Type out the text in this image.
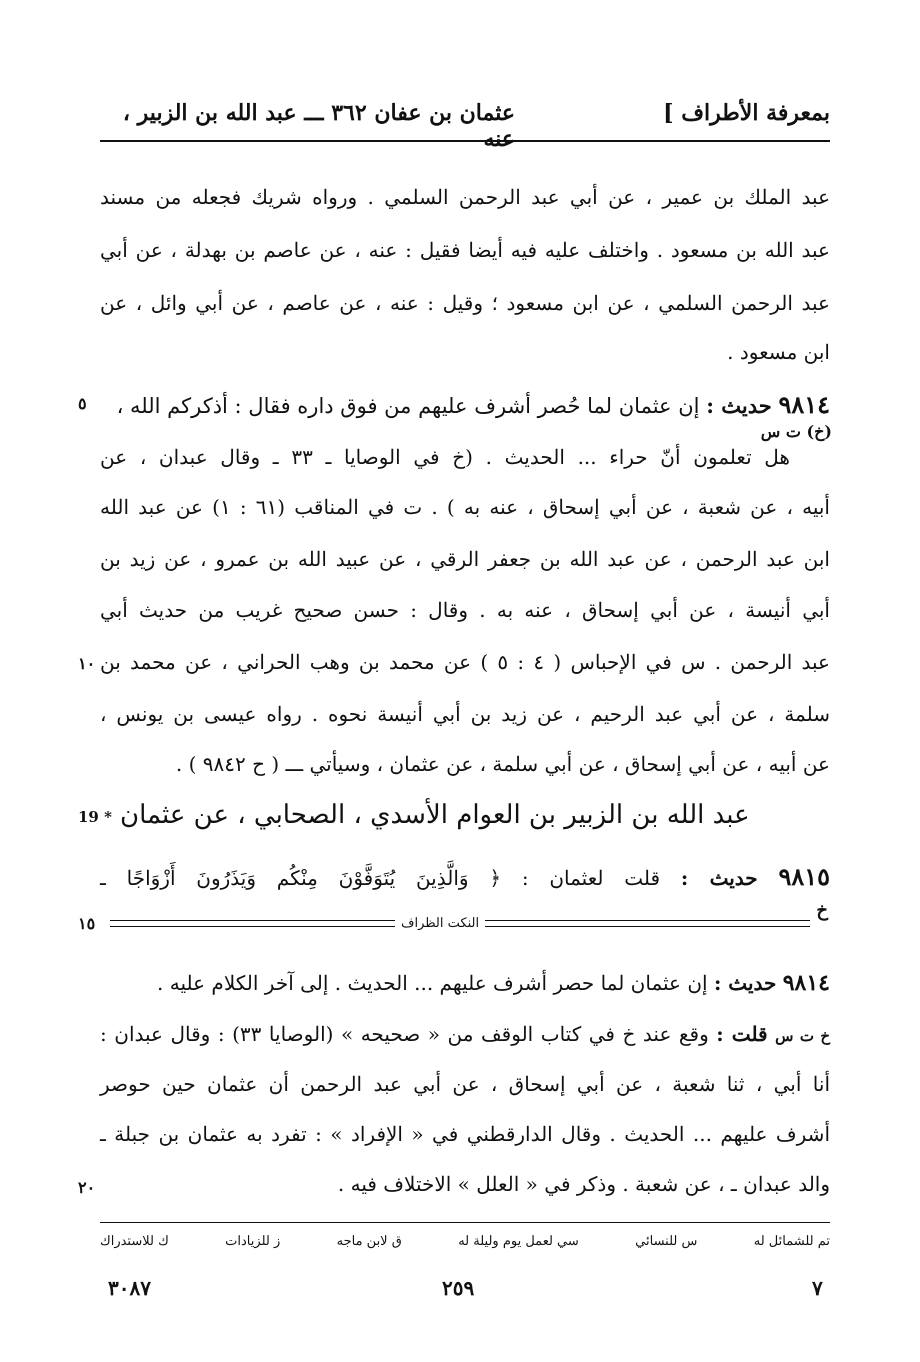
بمعرفة الأطراف ]
عثمان بن عفان ٣٦٢ ـــ عبد الله بن الزبير ، عنه
عبد الملك بن عمير ، عن أبي عبد الرحمن السلمي . ورواه شريك فجعله من مسند
عبد الله بن مسعود . واختلف عليه فيه أيضا فقيل : عنه ، عن عاصم بن بهدلة ، عن أبي
عبد الرحمن السلمي ، عن ابن مسعود ؛ وقيل : عنه ، عن عاصم ، عن أبي وائل ، عن
ابن مسعود .
٩٨١٤ حديث : إن عثمان لما حُصر أشرف عليهم من فوق داره فقال : أذكركم الله ،
٥
(خ) ت س
هل تعلمون أنّ حراء ... الحديث . (خ في الوصايا ـ ٣٣ ـ وقال عبدان ، عن
أبيه ، عن شعبة ، عن أبي إسحاق ، عنه به ) . ت في المناقب (٦١ : ١) عن عبد الله
ابن عبد الرحمن ، عن عبد الله بن جعفر الرقي ، عن عبيد الله بن عمرو ، عن زيد بن
أبي أنيسة ، عن أبي إسحاق ، عنه به . وقال : حسن صحيح غريب من حديث أبي
عبد الرحمن . س في الإحباس ( ٤ : ٥ ) عن محمد بن وهب الحراني ، عن محمد بن
١٠
سلمة ، عن أبي عبد الرحيم ، عن زيد بن أبي أنيسة نحوه . رواه عيسى بن يونس ،
عن أبيه ، عن أبي إسحاق ، عن أبي سلمة ، عن عثمان ، وسيأتي ـــ ( ح ٩٨٤٢ ) .
19 * عبد الله بن الزبير بن العوام الأسدي ، الصحابي ، عن عثمان
٩٨١٥ حديث : قلت لعثمان : ﴿ وَالَّذِينَ يُتَوَفَّوْنَ مِنْكُم وَيَذَرُونَ أَزْوَاجًا ـ
خ
النكت الظراف
١٥
٩٨١٤ حديث : إن عثمان لما حصر أشرف عليهم ... الحديث . إلى آخر الكلام عليه .
خ ت س قلت : وقع عند خ في كتاب الوقف من « صحيحه » (الوصايا ٣٣) : وقال عبدان :
أنا أبي ، ثنا شعبة ، عن أبي إسحاق ، عن أبي عبد الرحمن أن عثمان حين حوصر
أشرف عليهم ... الحديث . وقال الدارقطني في « الإفراد » : تفرد به عثمان بن جبلة ـ
والد عبدان ـ ، عن شعبة . وذكر في « العلل » الاختلاف فيه .
٢٠
تم للشمائل له
س للنسائي
سي لعمل يوم وليلة له
ق لابن ماجه
ز للزيادات
ك للاستدراك
٣٠٨٧	٢٥٩	٧
